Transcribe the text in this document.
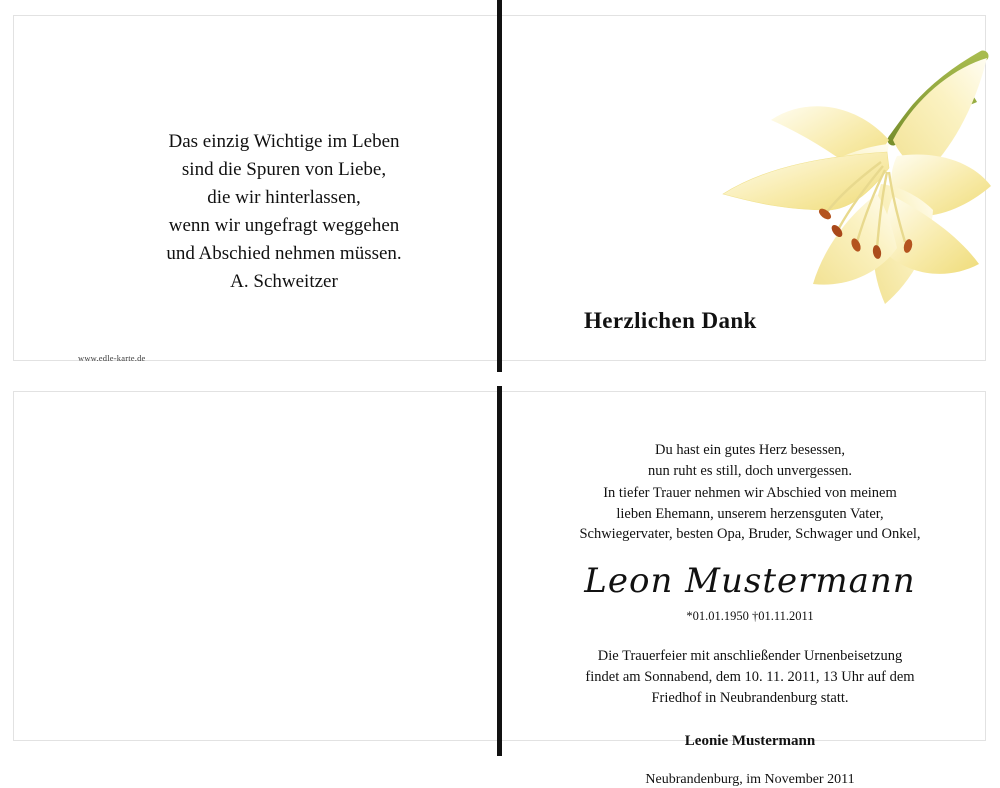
Das einzig Wichtige im Leben
sind die Spuren von Liebe,
die wir hinterlassen,
wenn wir ungefragt weggehen
und Abschied nehmen müssen.
A. Schweitzer
www.edle-karte.de
Herzlichen Dank
Du hast ein gutes Herz besessen,
nun ruht es still, doch unvergessen.
In tiefer Trauer nehmen wir Abschied von meinem
lieben Ehemann, unserem herzensguten Vater,
Schwiegervater, besten Opa, Bruder, Schwager und Onkel,
Leon Mustermann
*01.01.1950 †01.11.2011
Die Trauerfeier mit anschließender Urnenbeisetzung
findet am Sonnabend, dem 10. 11. 2011, 13 Uhr auf dem
Friedhof in Neubrandenburg statt.
Leonie Mustermann
Neubrandenburg, im November 2011
